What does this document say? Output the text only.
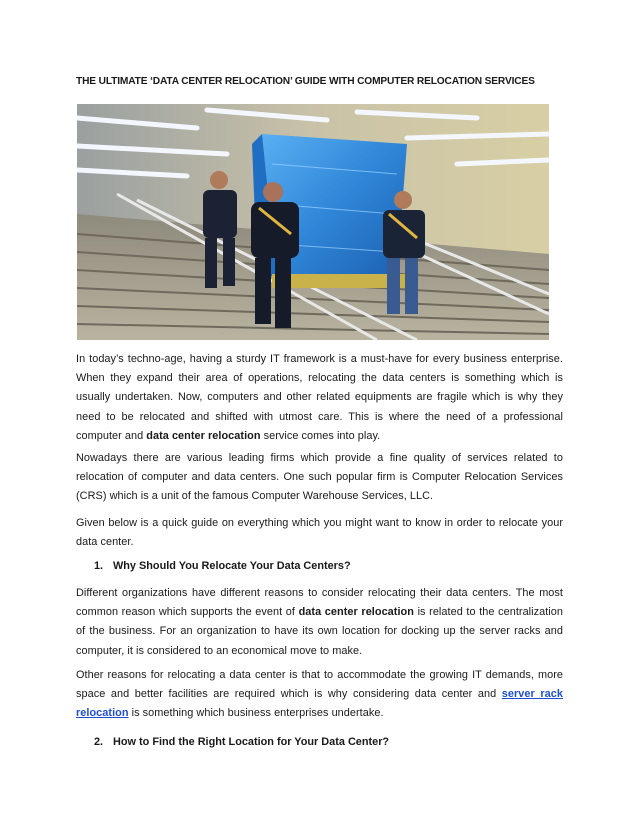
THE ULTIMATE ‘DATA CENTER RELOCATION’ GUIDE WITH COMPUTER RELOCATION SERVICES
In today’s techno-age, having a sturdy IT framework is a must-have for every business enterprise. When they expand their area of operations, relocating the data centers is something which is usually undertaken. Now, computers and other related equipments are fragile which is why they need to be relocated and shifted with utmost care. This is where the need of a professional computer and data center relocation service comes into play.
Nowadays there are various leading firms which provide a fine quality of services related to relocation of computer and data centers. One such popular firm is Computer Relocation Services (CRS) which is a unit of the famous Computer Warehouse Services, LLC.
Given below is a quick guide on everything which you might want to know in order to relocate your data center.
1. Why Should You Relocate Your Data Centers?
Different organizations have different reasons to consider relocating their data centers. The most common reason which supports the event of data center relocation is related to the centralization of the business. For an organization to have its own location for docking up the server racks and computer, it is considered to an economical move to make.
Other reasons for relocating a data center is that to accommodate the growing IT demands, more space and better facilities are required which is why considering data center and server rack relocation is something which business enterprises undertake.
2. How to Find the Right Location for Your Data Center?
